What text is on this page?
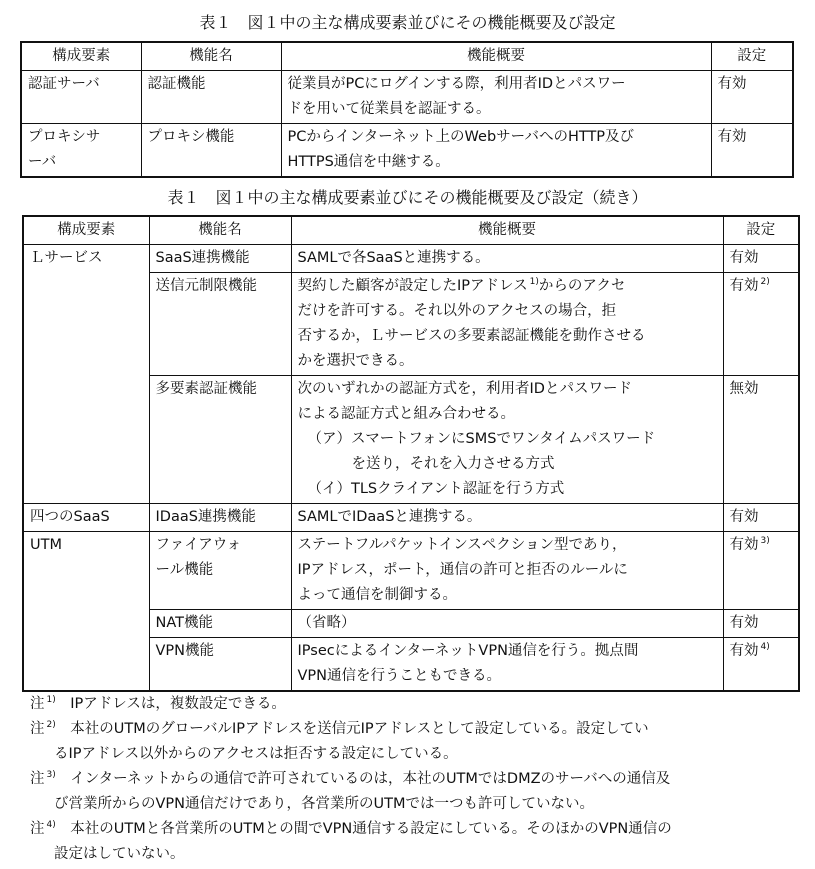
表１　図１中の主な構成要素並びにその機能概要及び設定
構成要素	機能名	機能概要	設定

認証サーバ	認証機能	従業員がPCにログインする際，利用者IDとパスワー
ドを用いて従業員を認証する。	有効

プロキシサ
ーバ	プロキシ機能	PCからインターネット上のWebサーバへのHTTP及び
HTTPS通信を中継する。	有効
表１　図１中の主な構成要素並びにその機能概要及び設定（続き）
構成要素	機能名	機能概要	設定
Ｌサービス	SaaS連携機能	SAMLで各SaaSと連携する。	有効
	送信元制限機能	契約した顧客が設定したIPアドレス $^{1)}$からのアクセ
だけを許可する。それ以外のアクセスの場合，拒
否するか，Ｌサービスの多要素認証機能を動作させる
かを選択できる。	有効 $^{2)}$
	多要素認証機能	次のいずれかの認証方式を，利用者IDとパスワード
による認証方式と組み合わせる。
（ア）スマートフォンにSMSでワンタイムパスワード
を送り，それを入力させる方式
（イ）TLSクライアント認証を行う方式	無効
四つのSaaS	IDaaS連携機能	SAMLでIDaaSと連携する。	有効
UTM	ファイアウォ
ール機能	ステートフルパケットインスペクション型であり，
IPアドレス，ポート，通信の許可と拒否のルールに
よって通信を制御する。	有効 $^{3)}$
	NAT機能	（省略）	有効
	VPN機能	IPsecによるインターネットVPN通信を行う。拠点間
VPN通信を行うこともできる。	有効 $^{4)}$
注 $^{1)}$　 IPアドレスは，複数設定できる。
注 $^{2)}$　 本社のUTMのグローバルIPアドレスを送信元IPアドレスとして設定している。設定してい
るIPアドレス以外からのアクセスは拒否する設定にしている。
注 $^{3)}$　 インターネットからの通信で許可されているのは，本社のUTMではDMZのサーバへの通信及
び営業所からのVPN通信だけであり，各営業所のUTMでは一つも許可していない。
注 $^{4)}$　 本社のUTMと各営業所のUTMとの間でVPN通信する設定にしている。そのほかのVPN通信の
設定はしていない。
